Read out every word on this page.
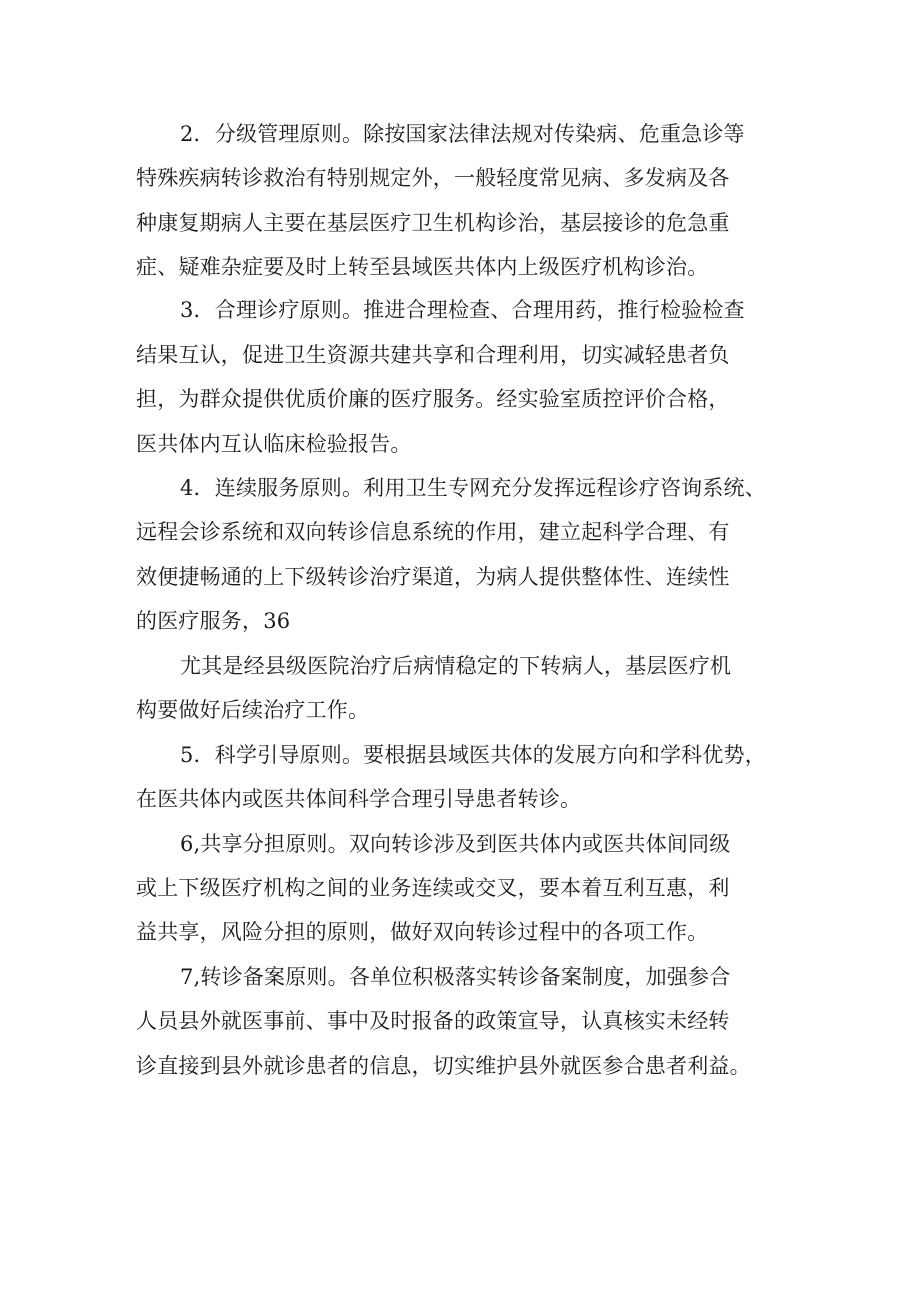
2．分级管理原则。除按国家法律法规对传染病、危重急诊等
特殊疾病转诊救治有特别规定外，一般轻度常见病、多发病及各
种康复期病人主要在基层医疗卫生机构诊治，基层接诊的危急重
症、疑难杂症要及时上转至县域医共体内上级医疗机构诊治。
3．合理诊疗原则。推进合理检查、合理用药，推行检验检查
结果互认，促进卫生资源共建共享和合理利用，切实减轻患者负
担，为群众提供优质价廉的医疗服务。经实验室质控评价合格，
医共体内互认临床检验报告。
4．连续服务原则。利用卫生专网充分发挥远程诊疗咨询系统、
远程会诊系统和双向转诊信息系统的作用，建立起科学合理、有
效便捷畅通的上下级转诊治疗渠道，为病人提供整体性、连续性
的医疗服务，36
尤其是经县级医院治疗后病情稳定的下转病人，基层医疗机
构要做好后续治疗工作。
5．科学引导原则。要根据县域医共体的发展方向和学科优势，
在医共体内或医共体间科学合理引导患者转诊。
6,共享分担原则。双向转诊涉及到医共体内或医共体间同级
或上下级医疗机构之间的业务连续或交叉，要本着互利互惠，利
益共享，风险分担的原则，做好双向转诊过程中的各项工作。
7,转诊备案原则。各单位积极落实转诊备案制度，加强参合
人员县外就医事前、事中及时报备的政策宣导，认真核实未经转
诊直接到县外就诊患者的信息，切实维护县外就医参合患者利益。
